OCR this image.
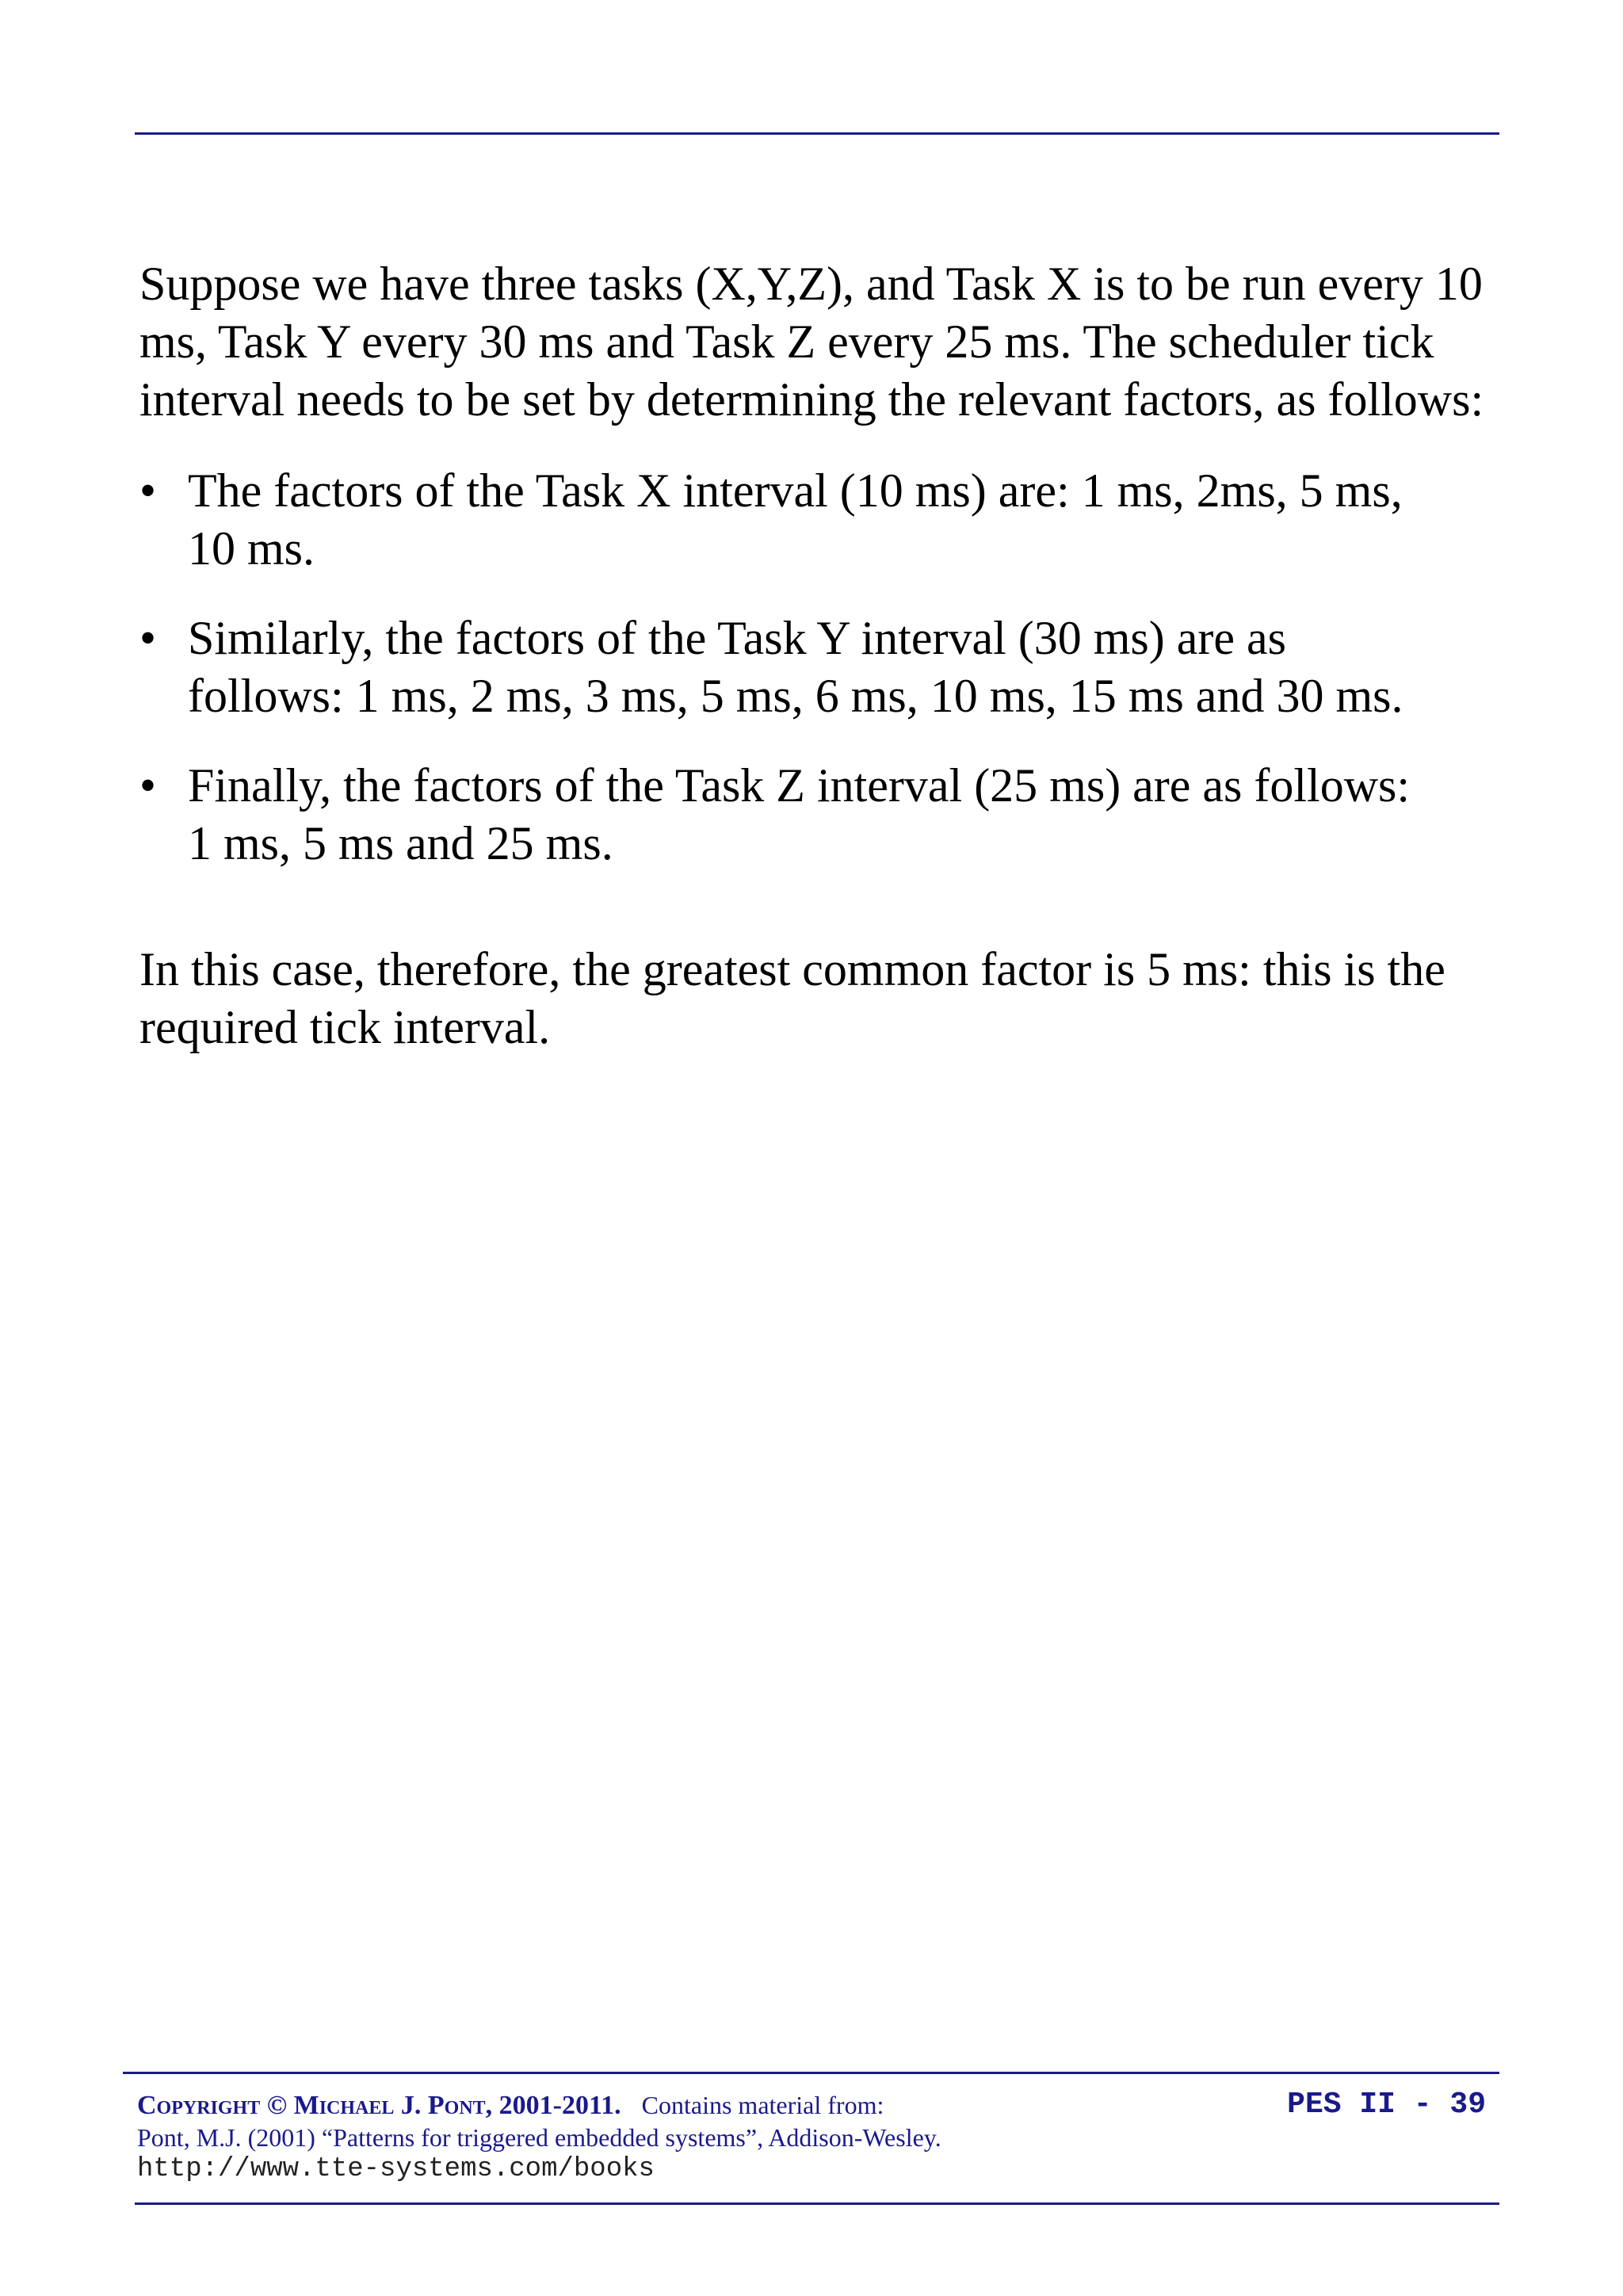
Suppose we have three tasks (X,Y,Z), and Task X is to be run every 10 ms, Task Y every 30 ms and Task Z every 25 ms. The scheduler tick interval needs to be set by determining the relevant factors, as follows:

• The factors of the Task X interval (10 ms) are: 1 ms, 2ms, 5 ms, 10 ms.
• Similarly, the factors of the Task Y interval (30 ms) are as follows: 1 ms, 2 ms, 3 ms, 5 ms, 6 ms, 10 ms, 15 ms and 30 ms.
• Finally, the factors of the Task Z interval (25 ms) are as follows: 1 ms, 5 ms and 25 ms.

In this case, therefore, the greatest common factor is 5 ms: this is the required tick interval.

Copyright © Michael J. Pont, 2001-2011. Contains material from:
Pont, M.J. (2001) “Patterns for triggered embedded systems”, Addison-Wesley.
http://www.tte-systems.com/books
PES II - 39
